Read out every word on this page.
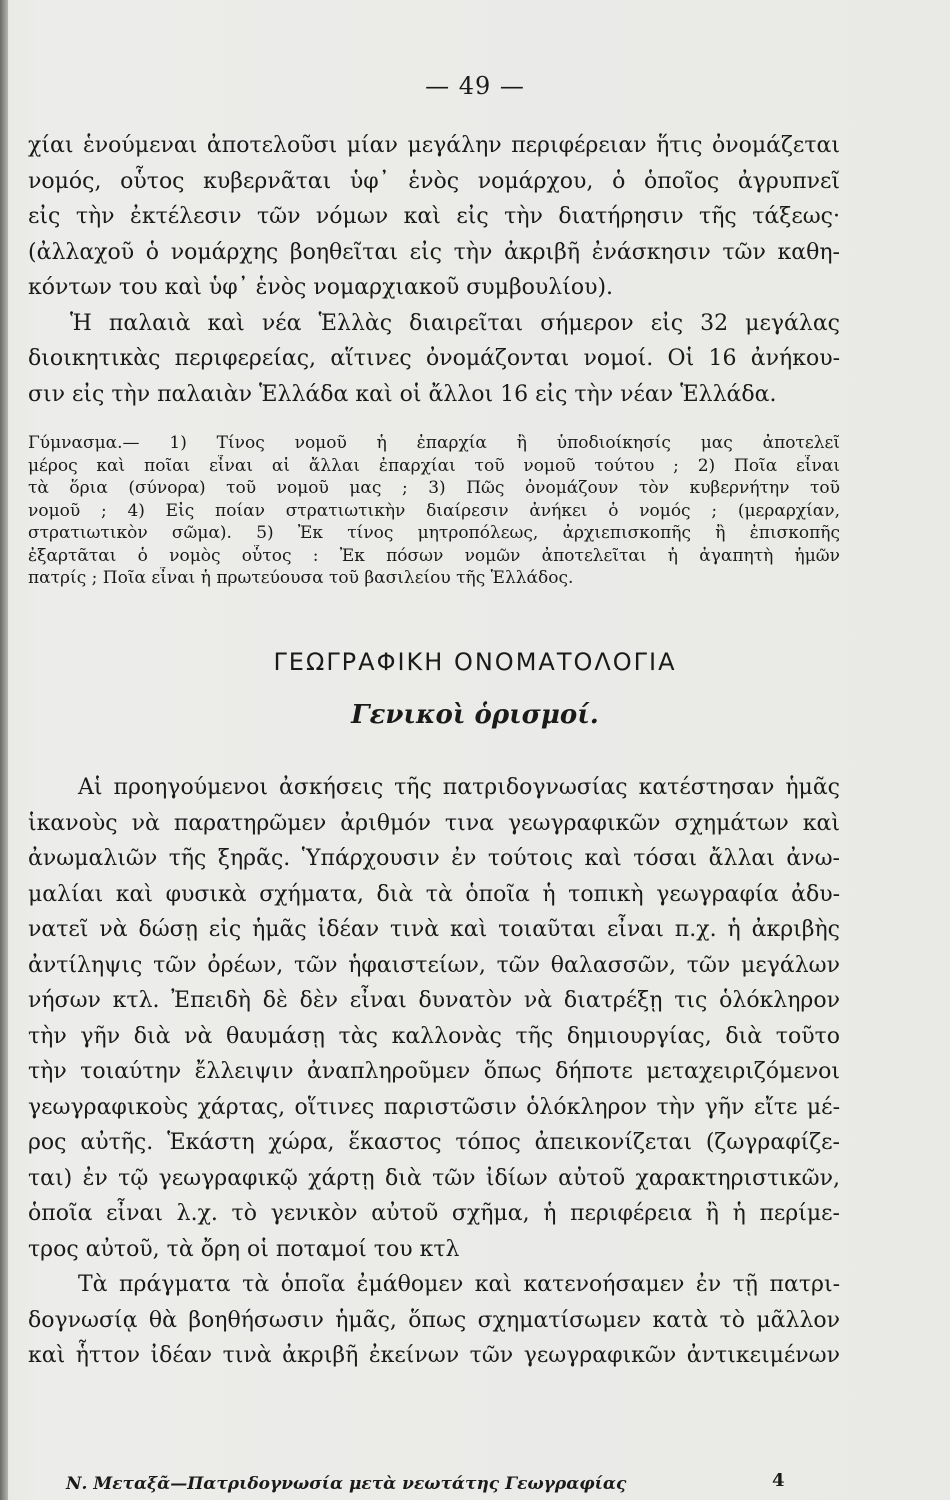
— 49 —
χίαι ἑνούμεναι ἀποτελοῦσι μίαν μεγάλην περιφέρειαν ἥτις ὀνομάζεται
νομός, οὗτος κυβερνᾶται ὑφ᾽ ἑνὸς νομάρχου, ὁ ὁποῖος ἀγρυπνεῖ
εἰς τὴν ἐκτέλεσιν τῶν νόμων καὶ εἰς τὴν διατήρησιν τῆς τάξεως·
(ἀλλαχοῦ ὁ νομάρχης βοηθεῖται εἰς τὴν ἀκριβῆ ἐνάσκησιν τῶν καθη-
κόντων του καὶ ὑφ᾽ ἑνὸς νομαρχιακοῦ συμβουλίου).
Ἡ παλαιὰ καὶ νέα Ἑλλὰς διαιρεῖται σήμερον εἰς 32 μεγάλας
διοικητικὰς περιφερείας, αἵτινες ὀνομάζονται νομοί. Οἱ 16 ἀνήκου-
σιν εἰς τὴν παλαιὰν Ἑλλάδα καὶ οἱ ἄλλοι 16 εἰς τὴν νέαν Ἑλλάδα.
Γύμνασμα.— 1) Τίνος νομοῦ ἡ ἐπαρχία ἢ ὑποδιοίκησίς μας ἀποτελεῖ
μέρος καὶ ποῖαι εἶναι αἱ ἄλλαι ἐπαρχίαι τοῦ νομοῦ τούτου ; 2) Ποῖα εἶναι
τὰ ὅρια (σύνορα) τοῦ νομοῦ μας ; 3) Πῶς ὀνομάζουν τὸν κυβερνήτην τοῦ
νομοῦ ; 4) Εἰς ποίαν στρατιωτικὴν διαίρεσιν ἀνήκει ὁ νομός ; (μεραρχίαν,
στρατιωτικὸν σῶμα). 5) Ἐκ τίνος μητροπόλεως, ἀρχιεπισκοπῆς ἢ ἐπισκοπῆς
ἐξαρτᾶται ὁ νομὸς οὗτος : Ἐκ πόσων νομῶν ἀποτελεῖται ἡ ἀγαπητὴ ἡμῶν
πατρίς ; Ποῖα εἶναι ἡ πρωτεύουσα τοῦ βασιλείου τῆς Ἑλλάδος.
ΓΕΩΓΡΑΦΙΚΗ ΟΝΟΜΑΤΟΛΟΓΙΑ
Γενικοὶ ὁρισμοί.
Αἱ προηγούμενοι ἀσκήσεις τῆς πατριδογνωσίας κατέστησαν ἡμᾶς
ἱκανοὺς νὰ παρατηρῶμεν ἀριθμόν τινα γεωγραφικῶν σχημάτων καὶ
ἀνωμαλιῶν τῆς ξηρᾶς. Ὑπάρχουσιν ἐν τούτοις καὶ τόσαι ἄλλαι ἀνω-
μαλίαι καὶ φυσικὰ σχήματα, διὰ τὰ ὁποῖα ἡ τοπικὴ γεωγραφία ἀδυ-
νατεῖ νὰ δώσῃ εἰς ἡμᾶς ἰδέαν τινὰ καὶ τοιαῦται εἶναι π.χ. ἡ ἀκριβὴς
ἀντίληψις τῶν ὀρέων, τῶν ἡφαιστείων, τῶν θαλασσῶν, τῶν μεγάλων
νήσων κτλ. Ἐπειδὴ δὲ δὲν εἶναι δυνατὸν νὰ διατρέξῃ τις ὁλόκληρον
τὴν γῆν διὰ νὰ θαυμάσῃ τὰς καλλονὰς τῆς δημιουργίας, διὰ τοῦτο
τὴν τοιαύτην ἔλλειψιν ἀναπληροῦμεν ὅπως δήποτε μεταχειριζόμενοι
γεωγραφικοὺς χάρτας, οἵτινες παριστῶσιν ὁλόκληρον τὴν γῆν εἴτε μέ-
ρος αὐτῆς. Ἑκάστη χώρα, ἕκαστος τόπος ἀπεικονίζεται (ζωγραφίζε-
ται) ἐν τῷ γεωγραφικῷ χάρτῃ διὰ τῶν ἰδίων αὐτοῦ χαρακτηριστικῶν,
ὁποῖα εἶναι λ.χ. τὸ γενικὸν αὐτοῦ σχῆμα, ἡ περιφέρεια ἢ ἡ περίμε-
τρος αὐτοῦ, τὰ ὄρη οἱ ποταμοί του κτλ
Τὰ πράγματα τὰ ὁποῖα ἐμάθομεν καὶ κατενοήσαμεν ἐν τῇ πατρι-
δογνωσίᾳ θὰ βοηθήσωσιν ἡμᾶς, ὅπως σχηματίσωμεν κατὰ τὸ μᾶλλον
καὶ ἧττον ἰδέαν τινὰ ἀκριβῆ ἐκείνων τῶν γεωγραφικῶν ἀντικειμένων
Ν. Μεταξᾶ—Πατριδογνωσία μετὰ νεωτάτης Γεωγραφίας	4
